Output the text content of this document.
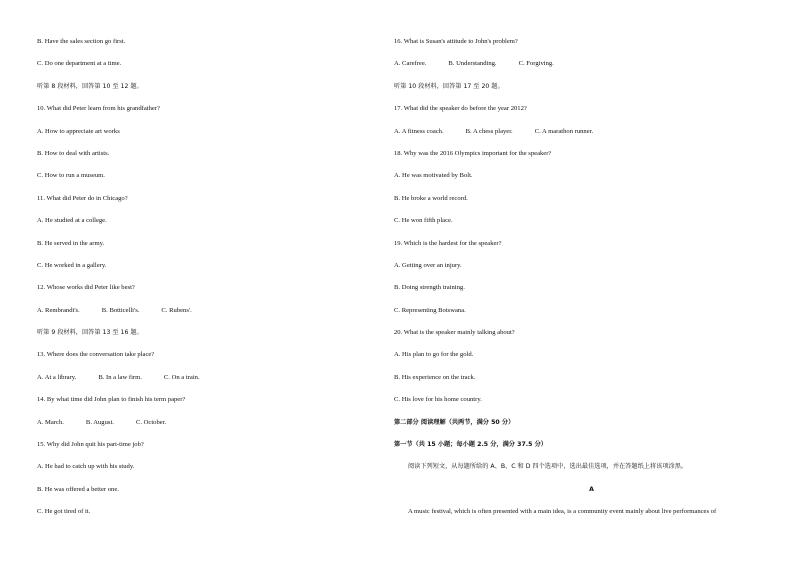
B. Have the sales section go first.
C. Do one department at a time.
听第 8 段材料，回答第 10 至 12 题。
10. What did Peter learn from his grandfather?
A. How to appreciate art works
B. How to deal with artists.
C. How to run a museum.
11. What did Peter do in Chicago?
A. He studied at a college.
B. He served in the army.
C. He worked in a gallery.
12. Whose works did Peter like best?
A. Rembrandt's.	B. Botticelli's.	C. Rubens'.
听第 9 段材料，回答第 13 至 16 题。
13. Where does the conversation take place?
A. At a library.	B. In a law firm.	C. On a train.
14. By what time did John plan to finish his term paper?
A. March.	B. August.	C. October.
15. Why did John quit his part-time job?
A. He had to catch up with his study.
B. He was offered a better one.
C. He got tired of it.
16. What is Susan's attitude to John's problem?
A. Carefree.	B. Understanding.	C. Forgiving.
听第 10 段材料，回答第 17 至 20 题。
17. What did the speaker do before the year 2012?
A. A fitness coach.	B. A chess player.	C. A marathon runner.
18. Why was the 2016 Olympics important for the speaker?
A. He was motivated by Bolt.
B. He broke a world record.
C. He won fifth place.
19. Which is the hardest for the speaker?
A. Getting over an injury.
B. Doing strength training.
C. Representing Botswana.
20. What is the speaker mainly talking about?
A. His plan to go for the gold.
B. His experience on the track.
C. His love for his home country.
第二部分 阅读理解（共两节，满分 50 分）
第一节（共 15 小题；每小题 2.5 分，满分 37.5 分）
阅读下列短文，从每题所给的 A、B、C 和 D 四个选项中，选出最佳选项，并在答题纸上将该项涂黑。
A
A music festival, which is often presented with a main idea, is a community event mainly about live performances of
